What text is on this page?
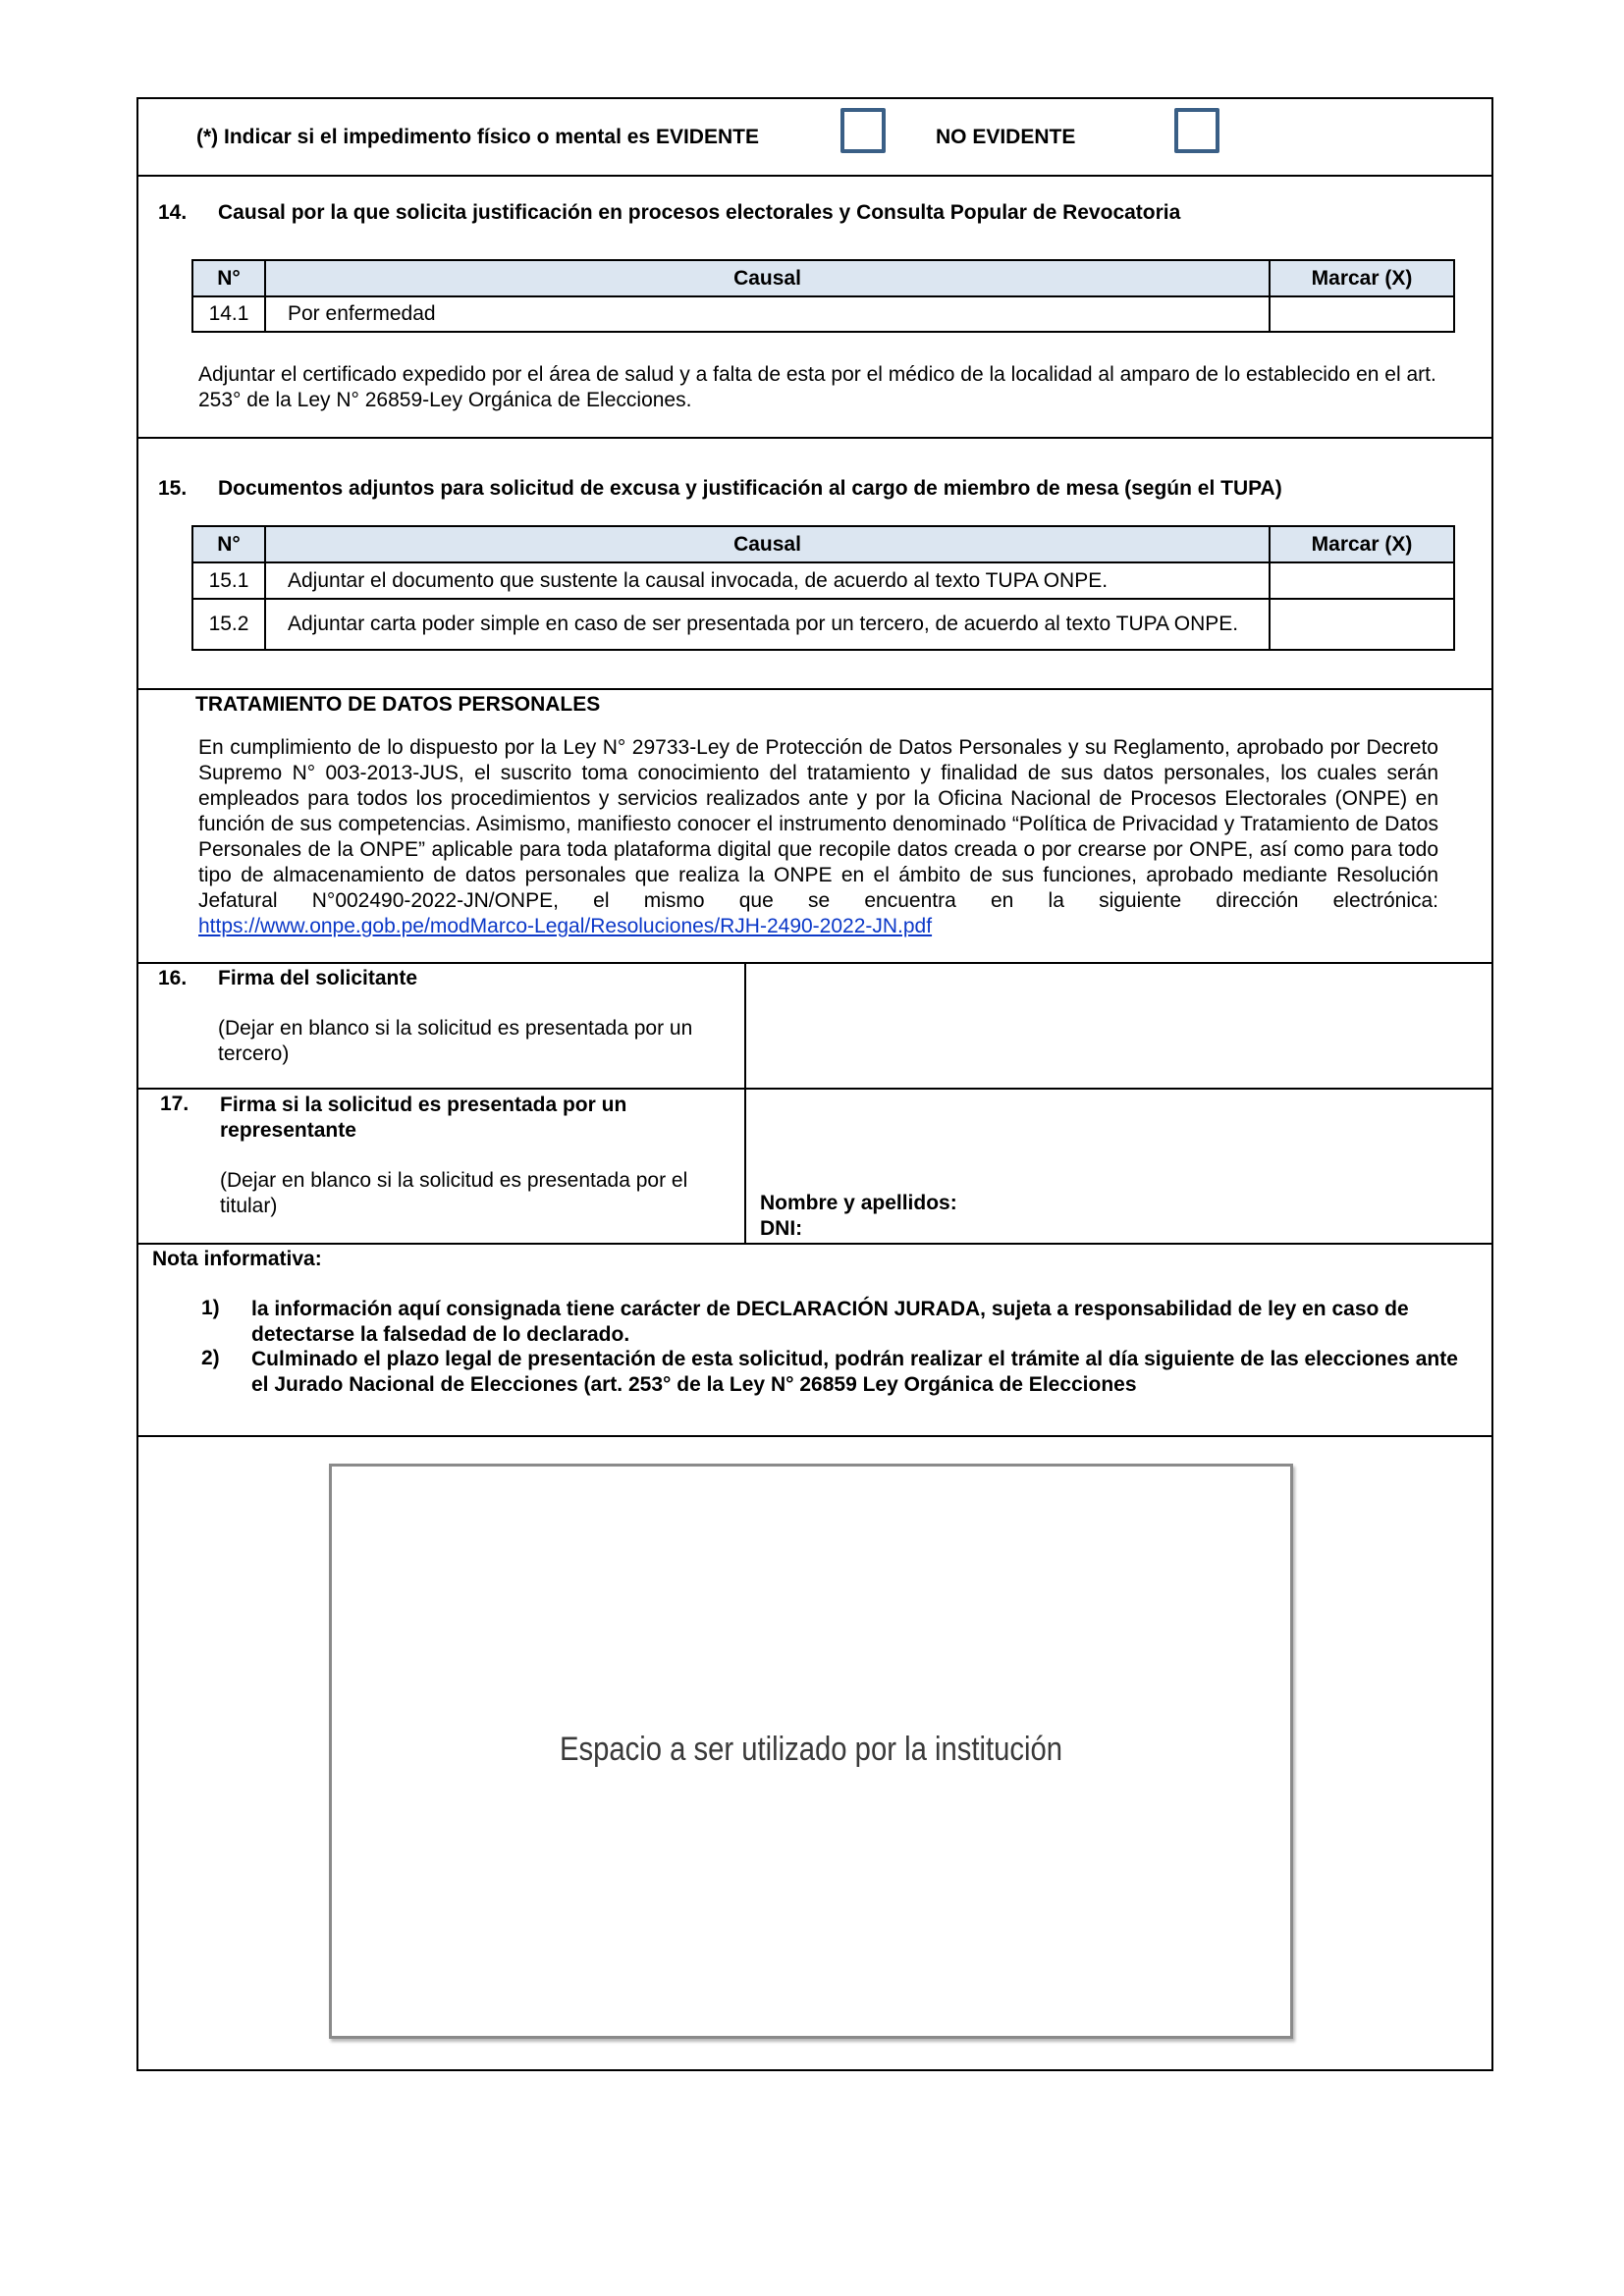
(*) Indicar si el impedimento físico o mental es EVIDENTE	NO EVIDENTE
14. Causal por la que solicita justificación en procesos electorales y Consulta Popular de Revocatoria
N°	Causal	Marcar (X)
14.1	Por enfermedad	
Adjuntar el certificado expedido por el área de salud y a falta de esta por el médico de la localidad al amparo de lo establecido en el art. 253° de la Ley N° 26859-Ley Orgánica de Elecciones.
15. Documentos adjuntos para solicitud de excusa y justificación al cargo de miembro de mesa (según el TUPA)
N°	Causal	Marcar (X)
15.1	Adjuntar el documento que sustente la causal invocada, de acuerdo al texto TUPA ONPE.	
15.2	Adjuntar carta poder simple en caso de ser presentada por un tercero, de acuerdo al texto TUPA ONPE.	
TRATAMIENTO DE DATOS PERSONALES
En cumplimiento de lo dispuesto por la Ley N° 29733-Ley de Protección de Datos Personales y su Reglamento, aprobado por Decreto Supremo N° 003-2013-JUS, el suscrito toma conocimiento del tratamiento y finalidad de sus datos personales, los cuales serán empleados para todos los procedimientos y servicios realizados ante y por la Oficina Nacional de Procesos Electorales (ONPE) en función de sus competencias. Asimismo, manifiesto conocer el instrumento denominado “Política de Privacidad y Tratamiento de Datos Personales de la ONPE” aplicable para toda plataforma digital que recopile datos creada o por crearse por ONPE, así como para todo tipo de almacenamiento de datos personales que realiza la ONPE en el ámbito de sus funciones, aprobado mediante Resolución Jefatural N°002490-2022-JN/ONPE, el mismo que se encuentra en la siguiente dirección electrónica: https://www.onpe.gob.pe/modMarco-Legal/Resoluciones/RJH-2490-2022-JN.pdf
16. Firma del solicitante
(Dejar en blanco si la solicitud es presentada por un tercero)
17. Firma si la solicitud es presentada por un representante
(Dejar en blanco si la solicitud es presentada por el titular)	Nombre y apellidos:
DNI:
Nota informativa:
1) la información aquí consignada tiene carácter de DECLARACIÓN JURADA, sujeta a responsabilidad de ley en caso de detectarse la falsedad de lo declarado.
2) Culminado el plazo legal de presentación de esta solicitud, podrán realizar el trámite al día siguiente de las elecciones ante el Jurado Nacional de Elecciones (art. 253° de la Ley N° 26859 Ley Orgánica de Elecciones
Espacio a ser utilizado por la institución
